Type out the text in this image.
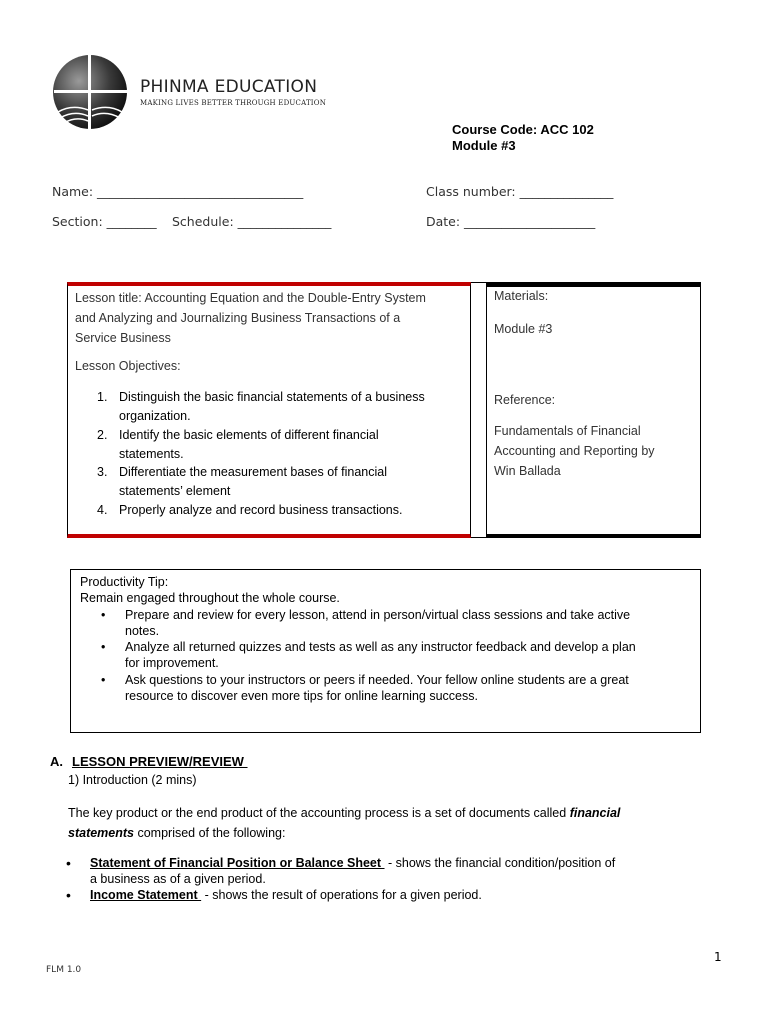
PHINMA EDUCATION
MAKING LIVES BETTER THROUGH EDUCATION
Course Code: ACC 102
Module #3
Name: _________________________________	Class number: _______________
Section: ________ Schedule: _______________	Date: _____________________
Lesson title: Accounting Equation and the Double-Entry System
and Analyzing and Journalizing Business Transactions of a
Service Business
Lesson Objectives:
1. Distinguish the basic financial statements of a business
organization.
2. Identify the basic elements of different financial
statements.
3. Differentiate the measurement bases of financial
statements’ element
4. Properly analyze and record business transactions.
Materials:
Module #3
Reference:
Fundamentals of Financial
Accounting and Reporting by
Win Ballada
Productivity Tip:
Remain engaged throughout the whole course.
• Prepare and review for every lesson, attend in person/virtual class sessions and take active
notes.
• Analyze all returned quizzes and tests as well as any instructor feedback and develop a plan
for improvement.
• Ask questions to your instructors or peers if needed. Your fellow online students are a great
resource to discover even more tips for online learning success.
A. LESSON PREVIEW/REVIEW
1) Introduction (2 mins)
The key product or the end product of the accounting process is a set of documents called financial
statements comprised of the following:
• Statement of Financial Position or Balance Sheet  - shows the financial condition/position of
a business as of a given period.
• Income Statement  - shows the result of operations for a given period.
1
FLM 1.0
